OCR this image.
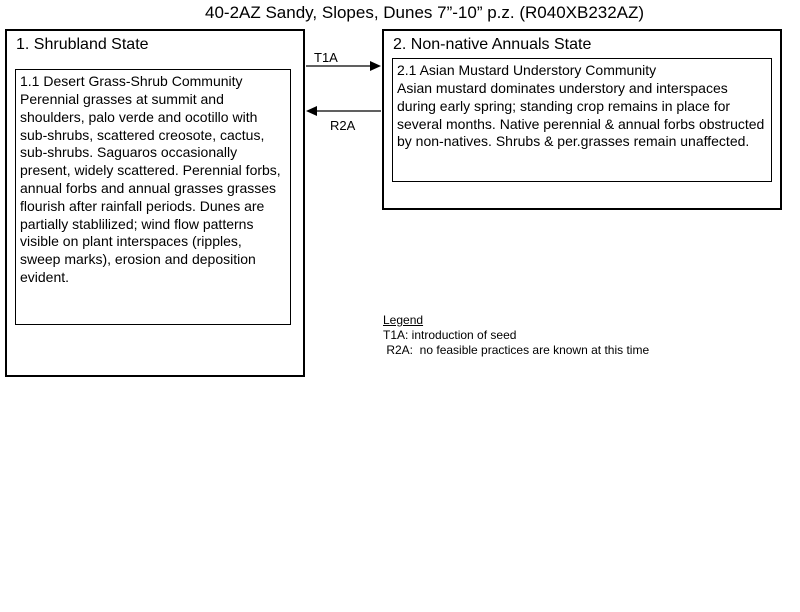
40-2AZ Sandy, Slopes, Dunes 7”-10” p.z. (R040XB232AZ)
1. Shrubland State
1.1 Desert Grass-Shrub Community
Perennial grasses at summit and shoulders, palo verde and ocotillo with sub-shrubs, scattered creosote, cactus, sub-shrubs. Saguaros occasionally present, widely scattered. Perennial forbs, annual forbs and annual grasses grasses flourish after rainfall periods. Dunes are partially stablilized; wind flow patterns visible on plant interspaces (ripples, sweep marks), erosion and deposition evident.
2. Non-native Annuals State
2.1 Asian Mustard Understory Community
Asian mustard dominates understory and interspaces during early spring; standing crop remains in place for several months. Native perennial & annual forbs obstructed by non-natives. Shrubs & per.grasses remain unaffected.
T1A
R2A
Legend
T1A: introduction of seed
R2A:  no feasible practices are known at this time
